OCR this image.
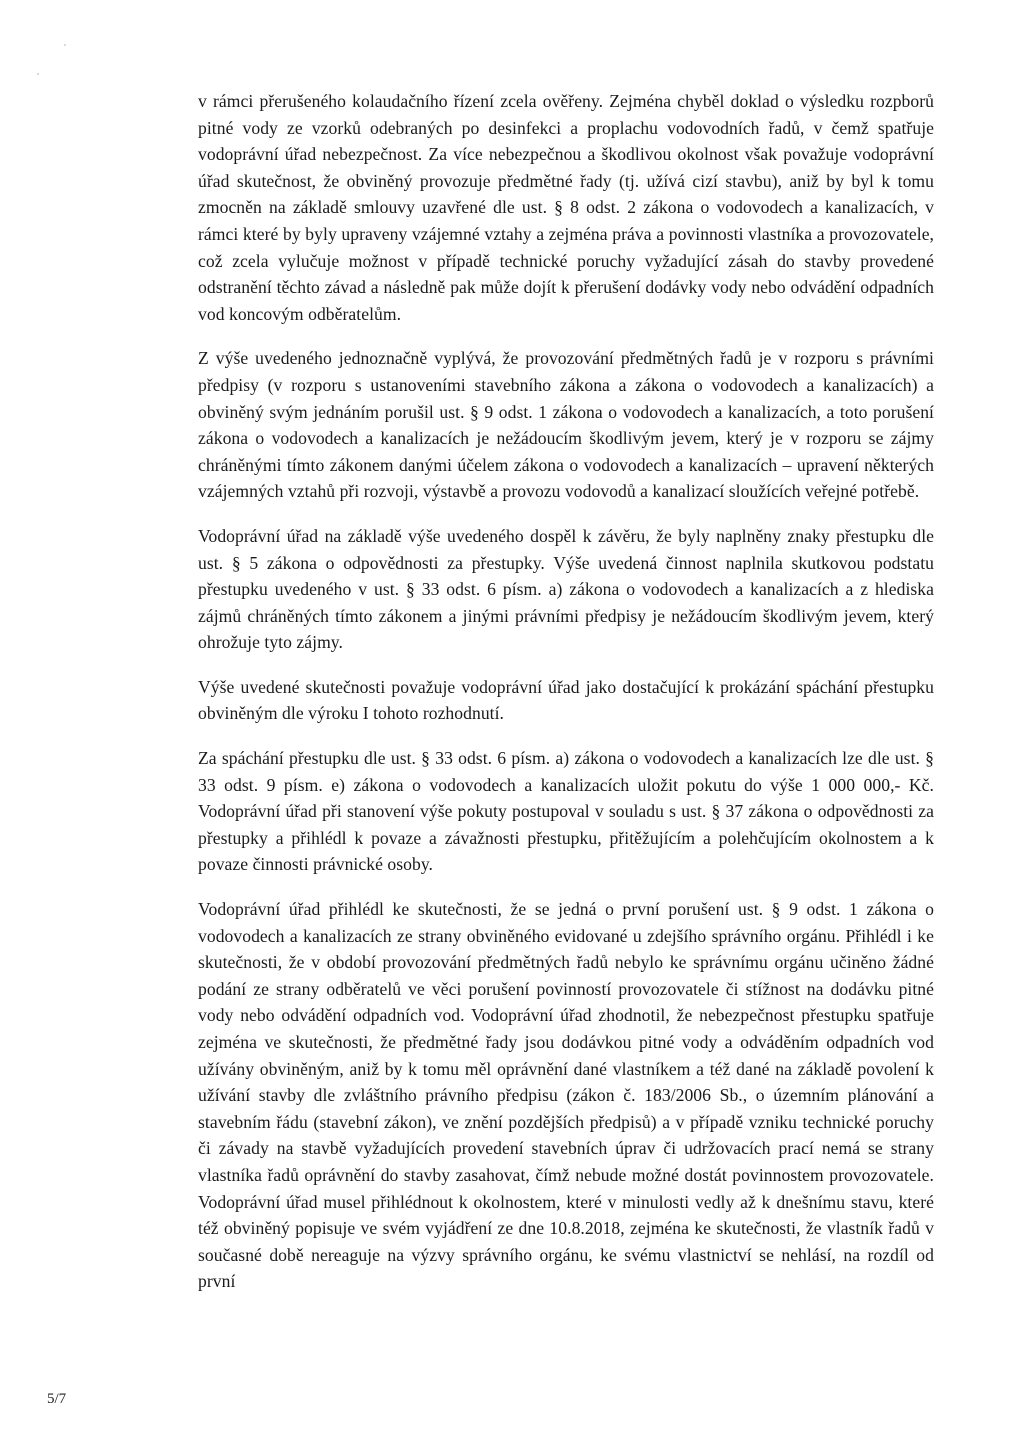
v rámci přerušeného kolaudačního řízení zcela ověřeny. Zejména chyběl doklad o výsledku rozpborů pitné vody ze vzorků odebraných po desinfekci a proplachu vodovodních řadů, v čemž spatřuje vodoprávní úřad nebezpečnost. Za více nebezpečnou a škodlivou okolnost však považuje vodoprávní úřad skutečnost, že obviněný provozuje předmětné řady (tj. užívá cizí stavbu), aniž by byl k tomu zmocněn na základě smlouvy uzavřené dle ust. § 8 odst. 2 zákona o vodovodech a kanalizacích, v rámci které by byly upraveny vzájemné vztahy a zejména práva a povinnosti vlastníka a provozovatele, což zcela vylučuje možnost v případě technické poruchy vyžadující zásah do stavby provedené odstranění těchto závad a následně pak může dojít k přerušení dodávky vody nebo odvádění odpadních vod koncovým odběratelům.

Z výše uvedeného jednoznačně vyplývá, že provozování předmětných řadů je v rozporu s právními předpisy (v rozporu s ustanoveními stavebního zákona a zákona o vodovodech a kanalizacích) a obviněný svým jednáním porušil ust. § 9 odst. 1 zákona o vodovodech a kanalizacích, a toto porušení zákona o vodovodech a kanalizacích je nežádoucím škodlivým jevem, který je v rozporu se zájmy chráněnými tímto zákonem danými účelem zákona o vodovodech a kanalizacích – upravení některých vzájemných vztahů při rozvoji, výstavbě a provozu vodovodů a kanalizací sloužících veřejné potřebě.

Vodoprávní úřad na základě výše uvedeného dospěl k závěru, že byly naplněny znaky přestupku dle ust. § 5 zákona o odpovědnosti za přestupky. Výše uvedená činnost naplnila skutkovou podstatu přestupku uvedeného v ust. § 33 odst. 6 písm. a) zákona o vodovodech a kanalizacích a z hlediska zájmů chráněných tímto zákonem a jinými právními předpisy je nežádoucím škodlivým jevem, který ohrožuje tyto zájmy.

Výše uvedené skutečnosti považuje vodoprávní úřad jako dostačující k prokázání spáchání přestupku obviněným dle výroku I tohoto rozhodnutí.

Za spáchání přestupku dle ust. § 33 odst. 6 písm. a) zákona o vodovodech a kanalizacích lze dle ust. § 33 odst. 9 písm. e) zákona o vodovodech a kanalizacích uložit pokutu do výše 1 000 000,- Kč. Vodoprávní úřad při stanovení výše pokuty postupoval v souladu s ust. § 37 zákona o odpovědnosti za přestupky a přihlédl k povaze a závažnosti přestupku, přitěžujícím a polehčujícím okolnostem a k povaze činnosti právnické osoby.

Vodoprávní úřad přihlédl ke skutečnosti, že se jedná o první porušení ust. § 9 odst. 1 zákona o vodovodech a kanalizacích ze strany obviněného evidované u zdejšího správního orgánu. Přihlédl i ke skutečnosti, že v období provozování předmětných řadů nebylo ke správnímu orgánu učiněno žádné podání ze strany odběratelů ve věci porušení povinností provozovatele či stížnost na dodávku pitné vody nebo odvádění odpadních vod. Vodoprávní úřad zhodnotil, že nebezpečnost přestupku spatřuje zejména ve skutečnosti, že předmětné řady jsou dodávkou pitné vody a odváděním odpadních vod užívány obviněným, aniž by k tomu měl oprávnění dané vlastníkem a též dané na základě povolení k užívání stavby dle zvláštního právního předpisu (zákon č. 183/2006 Sb., o územním plánování a stavebním řádu (stavební zákon), ve znění pozdějších předpisů) a v případě vzniku technické poruchy či závady na stavbě vyžadujících provedení stavebních úprav či udržovacích prací nemá se strany vlastníka řadů oprávnění do stavby zasahovat, čímž nebude možné dostát povinnostem provozovatele. Vodoprávní úřad musel přihlédnout k okolnostem, které v minulosti vedly až k dnešnímu stavu, které též obviněný popisuje ve svém vyjádření ze dne 10.8.2018, zejména ke skutečnosti, že vlastník řadů v současné době nereaguje na výzvy správního orgánu, ke svému vlastnictví se nehlásí, na rozdíl od první

5/7
